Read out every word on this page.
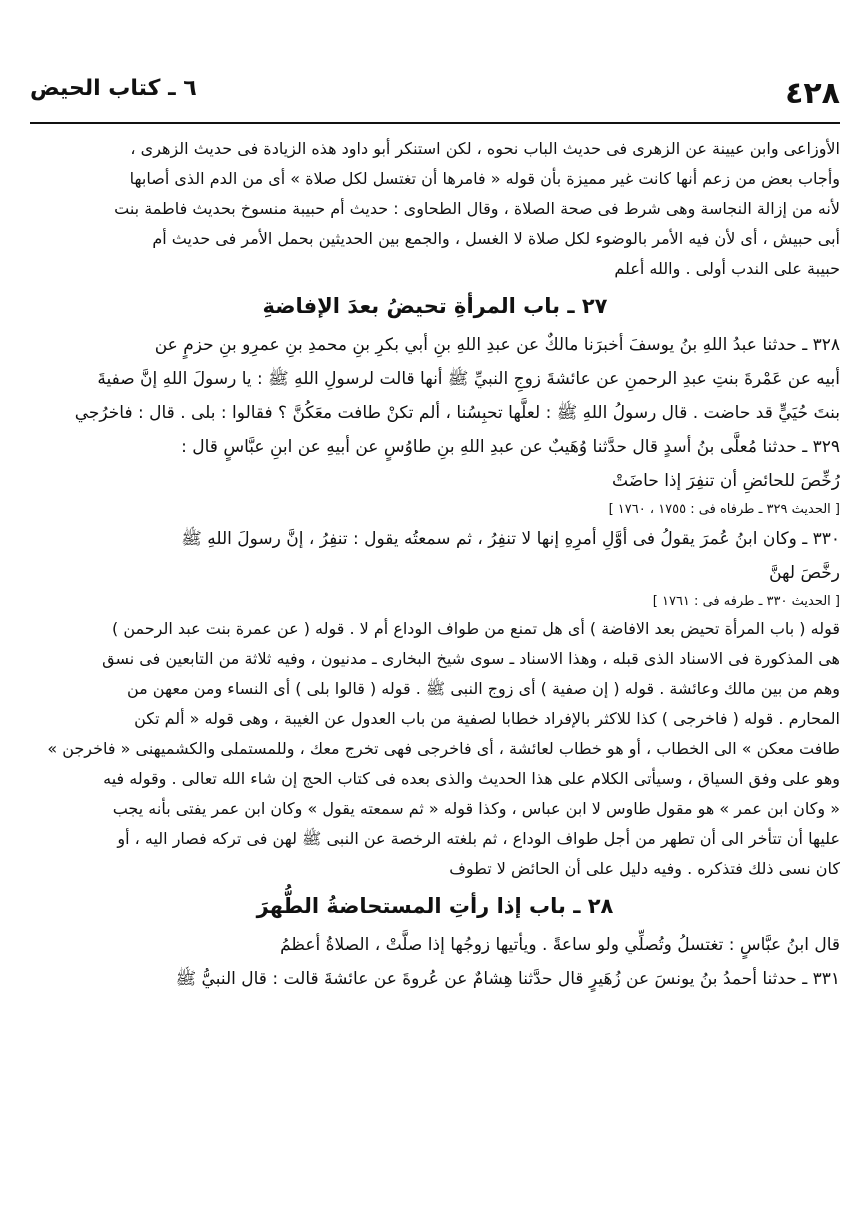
٤٢٨
٦ ـ كتاب الحيض
الأوزاعى وابن عيينة عن الزهرى فى حديث الباب نحوه ، لكن استنكر أبو داود هذه الزيادة فى حديث الزهرى ،
وأجاب بعض من زعم أنها كانت غير مميزة بأن قوله « فامرها أن تغتسل لكل صلاة » أى من الدم الذى أصابها
لأنه من إزالة النجاسة وهى شرط فى صحة الصلاة ، وقال الطحاوى : حديث أم حبيبة منسوخ بحديث فاطمة بنت
أبى حبيش ، أى لأن فيه الأمر بالوضوء لكل صلاة لا الغسل ، والجمع بين الحديثين بحمل الأمر فى حديث أم
حبيبة على الندب أولى . والله أعلم
٢٧ ـ باب المرأةِ تحيضُ بعدَ الإفاضةِ
٣٢٨ ـ حدثنا عبدُ اللهِ بنُ يوسفَ أخبرَنا مالكٌ عن عبدِ اللهِ بنِ أبي بكرِ بنِ محمدِ بنِ عمرِو بنِ حزمٍ عن
أبيه عن عَمْرةَ بنتِ عبدِ الرحمنِ عن عائشةَ زوجِ النبيِّ ﷺ أنها قالت لرسولِ اللهِ ﷺ : يا رسولَ اللهِ إنَّ صفيةَ
بنتَ حُيَيٍّ قد حاضت . قال رسولُ اللهِ ﷺ : لعلَّها تحبِسُنا ، ألم تكنْ طافت معَكُنَّ ؟ فقالوا : بلى . قال : فاخرُجي
٣٢٩ ـ حدثنا مُعلَّى بنُ أسدٍ قال حدَّثنا وُهَيبٌ عن عبدِ اللهِ بنِ طاوُسٍ عن أبيهِ عن ابنِ عبَّاسٍ قال :
رُخِّصَ للحائضِ أن تنفِرَ إذا حاضَتْ
[ الحديث ٣٢٩ ـ طرفاه فى : ١٧٥٥ ، ١٧٦٠ ]
٣٣٠ ـ وكان ابنُ عُمرَ يقولُ فى أوَّلِ أمرِهِ إنها لا تنفِرُ ، ثم سمعتُه يقول : تنفِرُ ، إنَّ رسولَ اللهِ ﷺ
رخَّصَ لهنَّ
[ الحديث ٣٣٠ ـ طرفه فى : ١٧٦١ ]
قوله ( باب المرأة تحيض بعد الافاضة ) أى هل تمنع من طواف الوداع أم لا . قوله ( عن عمرة بنت عبد الرحمن )
هى المذكورة فى الاسناد الذى قبله ، وهذا الاسناد ـ سوى شيخ البخارى ـ مدنيون ، وفيه ثلاثة من التابعين فى نسق
وهم من بين مالك وعائشة . قوله ( إن صفية ) أى زوج النبى ﷺ . قوله ( قالوا بلى ) أى النساء ومن معهن من
المحارم . قوله ( فاخرجى ) كذا للاكثر بالإفراد خطابا لصفية من باب العدول عن الغيبة ، وهى قوله « ألم تكن
طافت معكن » الى الخطاب ، أو هو خطاب لعائشة ، أى فاخرجى فهى تخرج معك ، وللمستملى والكشميهنى « فاخرجن »
وهو على وفق السياق ، وسيأتى الكلام على هذا الحديث والذى بعده فى كتاب الحج إن شاء الله تعالى . وقوله فيه
« وكان ابن عمر » هو مقول طاوس لا ابن عباس ، وكذا قوله « ثم سمعته يقول » وكان ابن عمر يفتى بأنه يجب
عليها أن تتأخر الى أن تطهر من أجل طواف الوداع ، ثم بلغته الرخصة عن النبى ﷺ لهن فى تركه فصار اليه ، أو
كان نسى ذلك فتذكره . وفيه دليل على أن الحائض لا تطوف
٢٨ ـ باب إذا رأتِ المستحاضةُ الطُّهرَ
قال ابنُ عبَّاسٍ : تغتسلُ وتُصلِّي ولو ساعةً . ويأتيها زوجُها إذا صلَّتْ ، الصلاةُ أعظمُ
٣٣١ ـ حدثنا أحمدُ بنُ يونسَ عن زُهَيرٍ قال حدَّثنا هِشامٌ عن عُروةَ عن عائشةَ قالت : قال النبيُّ ﷺ
